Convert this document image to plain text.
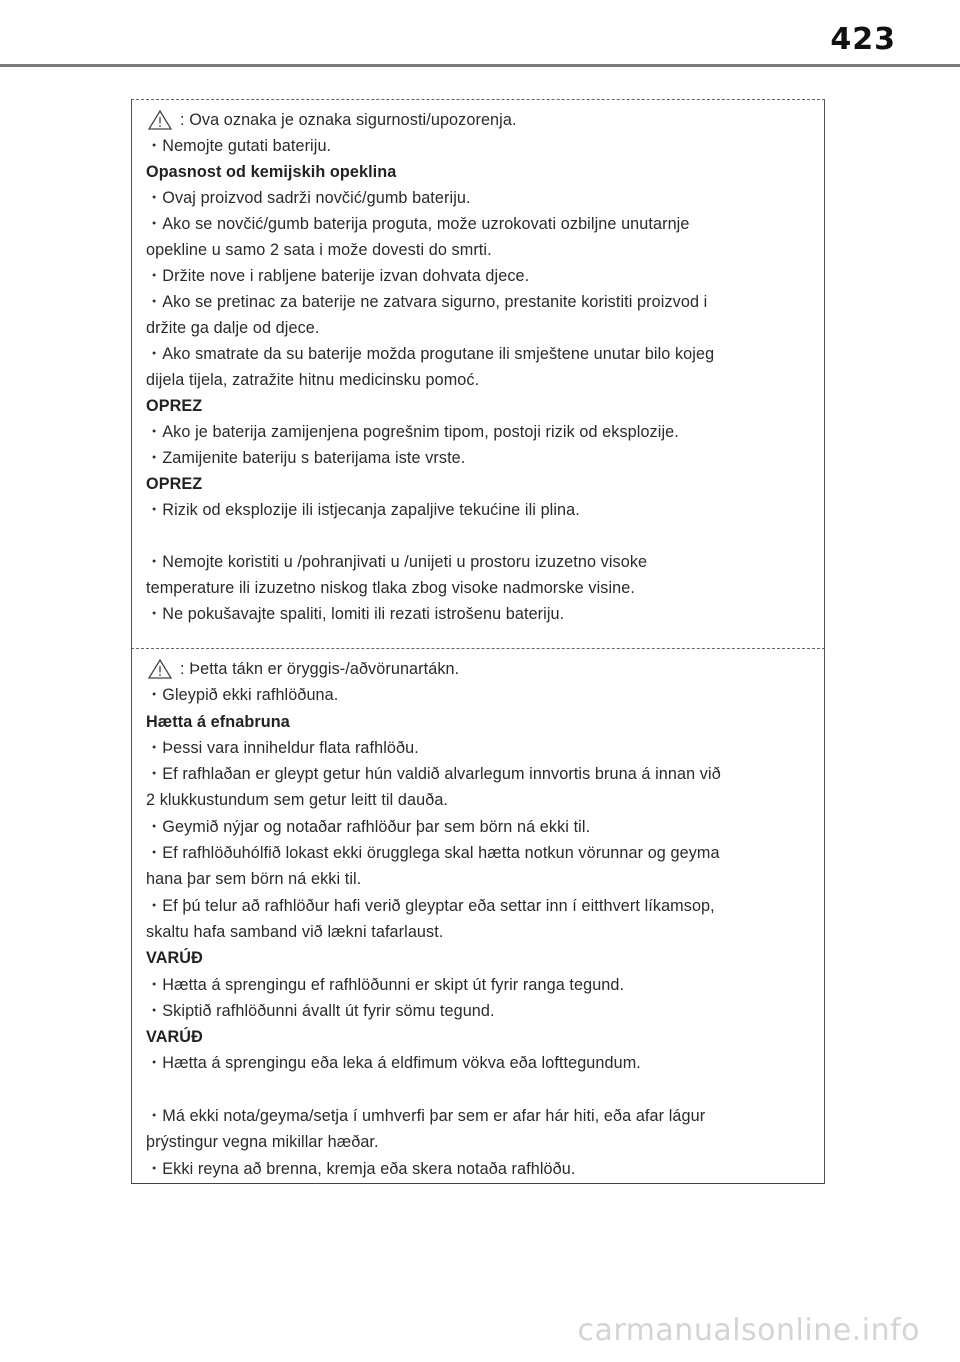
423
: Ova oznaka je oznaka sigurnosti/upozorenja.
・Nemojte gutati bateriju.
Opasnost od kemijskih opeklina
・Ovaj proizvod sadrži novčić/gumb bateriju.
・Ako se novčić/gumb baterija proguta, može uzrokovati ozbiljne unutarnje
opekline u samo 2 sata i može dovesti do smrti.
・Držite nove i rabljene baterije izvan dohvata djece.
・Ako se pretinac za baterije ne zatvara sigurno, prestanite koristiti proizvod i
držite ga dalje od djece.
・Ako smatrate da su baterije možda progutane ili smještene unutar bilo kojeg
dijela tijela, zatražite hitnu medicinsku pomoć.
OPREZ
・Ako je baterija zamijenjena pogrešnim tipom, postoji rizik od eksplozije.
・Zamijenite bateriju s baterijama iste vrste.
OPREZ
・Rizik od eksplozije ili istjecanja zapaljive tekućine ili plina.
・Nemojte koristiti u /pohranjivati u /unijeti u prostoru izuzetno visoke
temperature ili izuzetno niskog tlaka zbog visoke nadmorske visine.
・Ne pokušavajte spaliti, lomiti ili rezati istrošenu bateriju.
: Þetta tákn er öryggis-/aðvörunartákn.
・Gleypið ekki rafhlöðuna.
Hætta á efnabruna
・Þessi vara inniheldur flata rafhlöðu.
・Ef rafhlaðan er gleypt getur hún valdið alvarlegum innvortis bruna á innan við
2 klukkustundum sem getur leitt til dauða.
・Geymið nýjar og notaðar rafhlöður þar sem börn ná ekki til.
・Ef rafhlöðuhólfið lokast ekki örugglega skal hætta notkun vörunnar og geyma
hana þar sem börn ná ekki til.
・Ef þú telur að rafhlöður hafi verið gleyptar eða settar inn í eitthvert líkamsop,
skaltu hafa samband við lækni tafarlaust.
VARÚÐ
・Hætta á sprengingu ef rafhlöðunni er skipt út fyrir ranga tegund.
・Skiptið rafhlöðunni ávallt út fyrir sömu tegund.
VARÚÐ
・Hætta á sprengingu eða leka á eldfimum vökva eða lofttegundum.
・Má ekki nota/geyma/setja í umhverfi þar sem er afar hár hiti, eða afar lágur
þrýstingur vegna mikillar hæðar.
・Ekki reyna að brenna, kremja eða skera notaða rafhlöðu.
carmanualsonline.info
